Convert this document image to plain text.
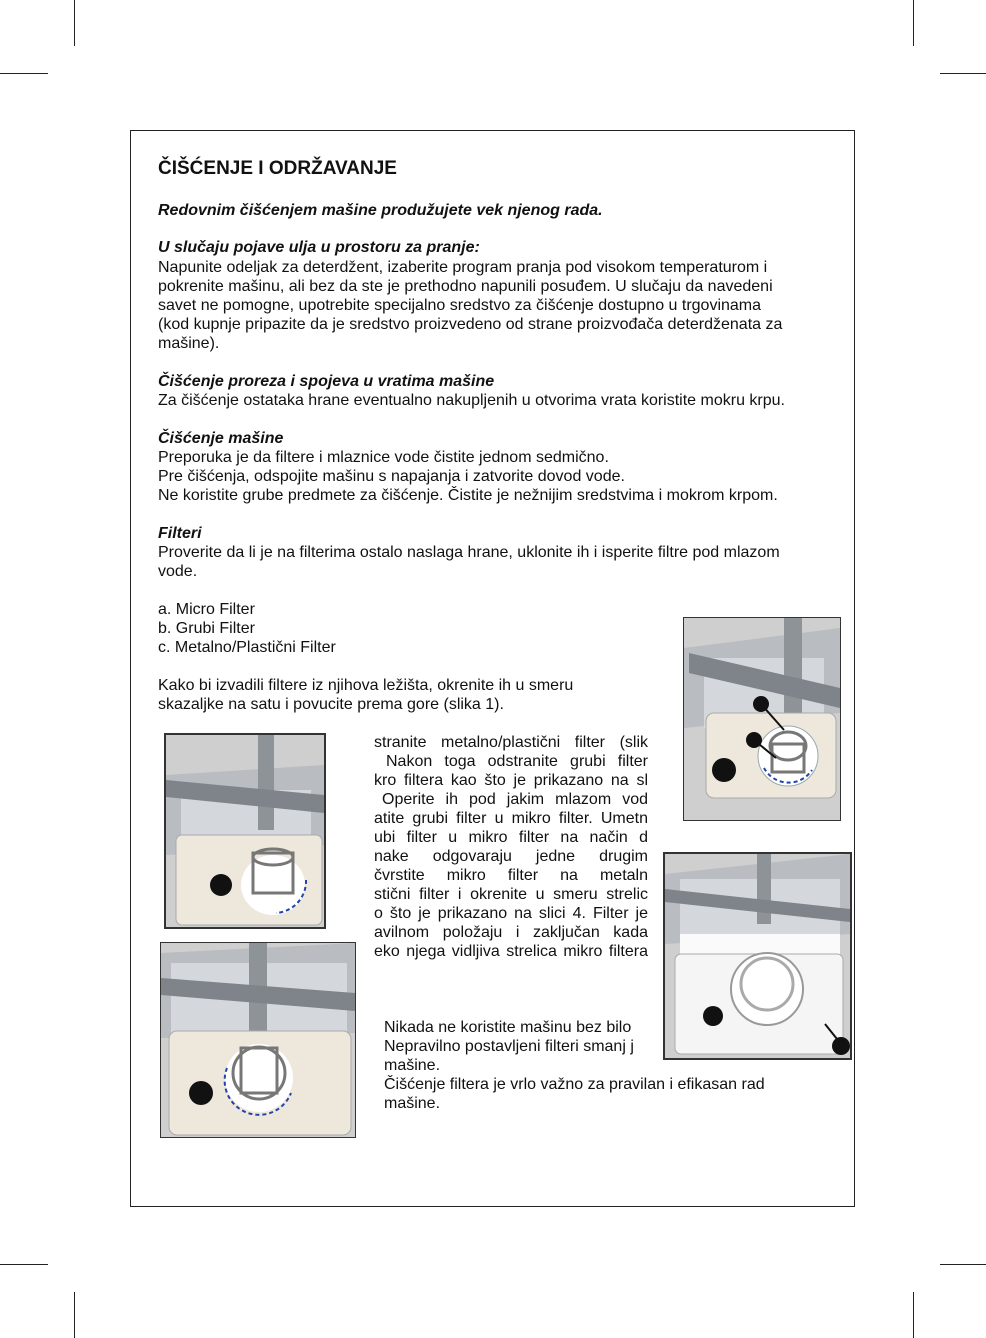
ČIŠĆENJE I ODRŽAVANJE
Redovnim čišćenjem mašine produžujete vek njenog rada.
U slučaju pojave ulja u prostoru za pranje:
Napunite odeljak za deterdžent, izaberite program pranja pod visokom temperaturom i
pokrenite mašinu, ali bez da ste je prethodno napunili posuđem. U slučaju da navedeni
savet ne pomogne, upotrebite specijalno sredstvo za čišćenje dostupno u trgovinama
(kod kupnje pripazite da je sredstvo proizvedeno od strane proizvođača deterdženata za
mašine).
Čišćenje proreza i spojeva u vratima mašine
Za čišćenje ostataka hrane eventualno nakupljenih u otvorima vrata koristite mokru krpu.
Čišćenje mašine
Preporuka je da filtere i mlaznice vode čistite jednom sedmično.
Pre čišćenja, odspojite mašinu s napajanja i zatvorite dovod vode.
Ne koristite grube predmete za čišćenje. Čistite je nežnijim sredstvima i mokrom krpom.
Filteri
Proverite da li je na filterima ostalo naslaga hrane, uklonite ih i isperite filtre pod mlazom
vode.
a. Micro Filter
b. Grubi Filter
c. Metalno/Plastični Filter
Kako bi izvadili filtere iz njihova ležišta, okrenite ih u smeru
skazaljke na satu i povucite prema gore (slika 1).
stranite metalno/plastični filter (slik
Nakon toga odstranite grubi filter
kro filtera kao što je prikazano na sl
Operite ih pod jakim mlazom vod
atite grubi filter u mikro filter. Umetn
ubi filter u mikro filter na način d
nake odgovaraju jedne drugim
čvrstite mikro filter na metaln
stični filter i okrenite u smeru strelic
o što je prikazano na slici 4. Filter je
avilnom položaju i zaključan kada
eko njega vidljiva strelica mikro filtera
Nikada ne koristite mašinu bez bilo
Nepravilno postavljeni filteri smanj j
mašine.
Čišćenje filtera je vrlo važno za pravilan i efikasan rad
mašine.
